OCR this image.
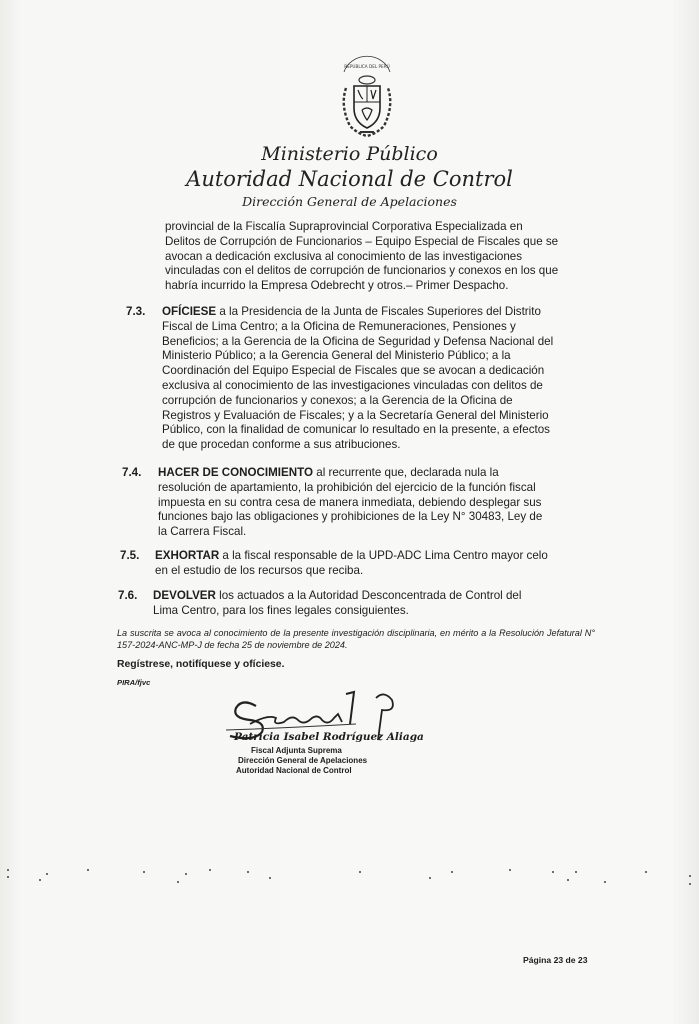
REPÚBLICA DEL PERÚ
Ministerio Público
Autoridad Nacional de Control
Dirección General de Apelaciones
provincial de la Fiscalía Supraprovincial Corporativa Especializada en
Delitos de Corrupción de Funcionarios – Equipo Especial de Fiscales que se
avocan a dedicación exclusiva al conocimiento de las investigaciones
vinculadas con el delitos de corrupción de funcionarios y conexos en los que
habría incurrido la Empresa Odebrecht y otros.– Primer Despacho.
7.3. OFÍCIESE a la Presidencia de la Junta de Fiscales Superiores del Distrito
Fiscal de Lima Centro; a la Oficina de Remuneraciones, Pensiones y
Beneficios; a la Gerencia de la Oficina de Seguridad y Defensa Nacional del
Ministerio Público; a la Gerencia General del Ministerio Público; a la
Coordinación del Equipo Especial de Fiscales que se avocan a dedicación
exclusiva al conocimiento de las investigaciones vinculadas con delitos de
corrupción de funcionarios y conexos; a la Gerencia de la Oficina de
Registros y Evaluación de Fiscales; y a la Secretaría General del Ministerio
Público, con la finalidad de comunicar lo resultado en la presente, a efectos
de que procedan conforme a sus atribuciones.
7.4. HACER DE CONOCIMIENTO al recurrente que, declarada nula la
resolución de apartamiento, la prohibición del ejercicio de la función fiscal
impuesta en su contra cesa de manera inmediata, debiendo desplegar sus
funciones bajo las obligaciones y prohibiciones de la Ley N° 30483, Ley de
la Carrera Fiscal.
7.5. EXHORTAR a la fiscal responsable de la UPD-ADC Lima Centro mayor celo
en el estudio de los recursos que reciba.
7.6. DEVOLVER los actuados a la Autoridad Desconcentrada de Control del
Lima Centro, para los fines legales consiguientes.
La suscrita se avoca al conocimiento de la presente investigación disciplinaria, en mérito a la Resolución Jefatural N° 157-2024-ANC-MP-J de fecha 25 de noviembre de 2024.
Regístrese, notifíquese y ofíciese.
PIRA/fjvc
Patricia Isabel Rodríguez Aliaga
Fiscal Adjunta Suprema
Dirección General de Apelaciones
Autoridad Nacional de Control
Página 23 de 23
